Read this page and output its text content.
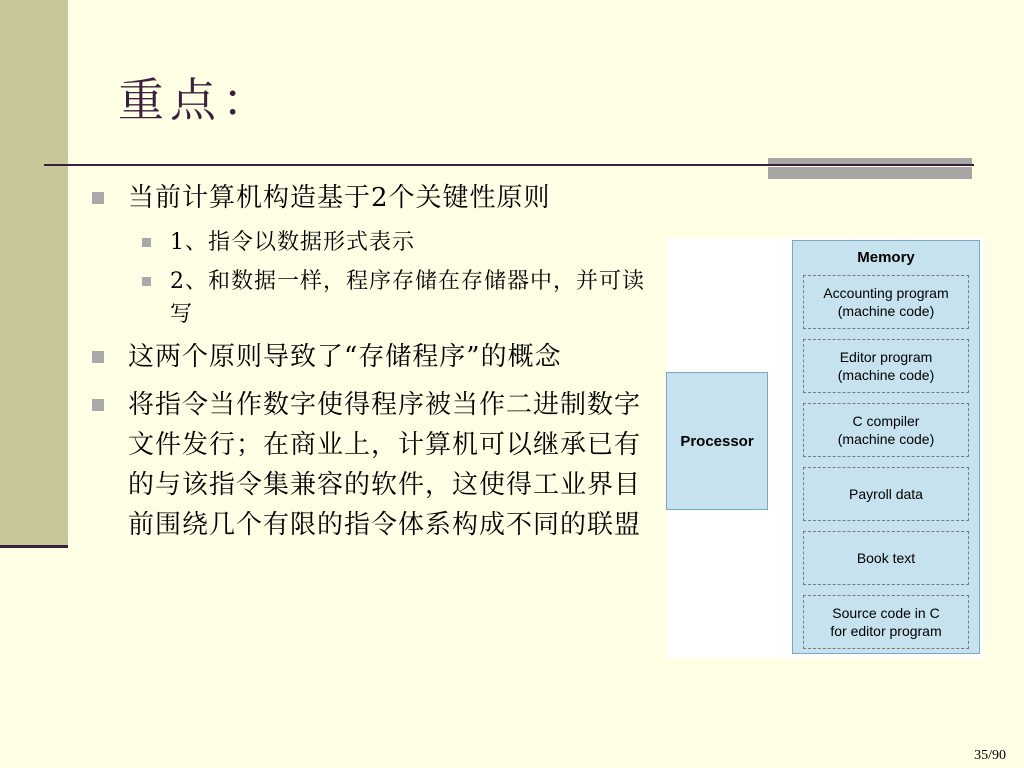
重点：
当前计算机构造基于2个关键性原则
1、指令以数据形式表示
2、和数据一样，程序存储在存储器中，并可读写
这两个原则导致了“存储程序”的概念
将指令当作数字使得程序被当作二进制数字文件发行；在商业上，计算机可以继承已有的与该指令集兼容的软件，这使得工业界目前围绕几个有限的指令体系构成不同的联盟
Processor
Memory
Accounting program
(machine code)
Editor program
(machine code)
C compiler
(machine code)
Payroll data
Book text
Source code in C
for editor program
35/90
